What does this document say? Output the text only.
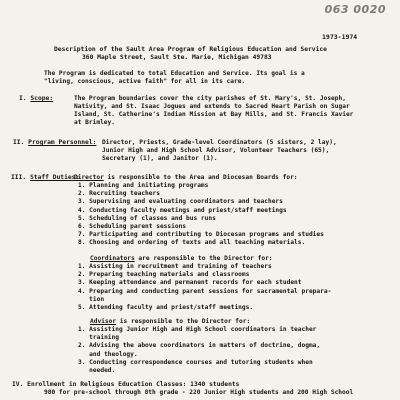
063 0020
1973-1974
Description of the Sault Area Program of Religious Education and Service
360 Maple Street, Sault Ste. Marie, Michigan 49783
The Program is dedicated to total Education and Service. Its goal is a
"living, conscious, active faith" for all in its care.
I. Scope:	The Program boundaries cover the city parishes of St. Mary's, St. Joseph,
Nativity, and St. Isaac Jogues and extends to Sacred Heart Parish on Sugar
Island, St. Catherine's Indian Mission at Bay Mills, and St. Francis Xavier
at Brimley.
II. Program Personnel: Director, Priests, Grade-level Coordinators (5 sisters, 2 lay),
Junior High and High School Advisor, Volunteer Teachers (65),
Secretary (1), and Janitor (1).
III. Staff Duties:
Director is responsible to the Area and Diocesan Boards for:
1. Planning and initiating programs
2. Recruiting teachers
3. Supervising and evaluating coordinators and teachers
4. Conducting faculty meetings and priest/staff meetings
5. Scheduling of classes and bus runs
6. Scheduling parent sessions
7. Participating and contributing to Diocesan programs and studies
8. Choosing and ordering of texts and all teaching materials.
Coordinators are responsible to the Director for:
1. Assisting in recruitment and training of teachers
2. Preparing teaching materials and classrooms
3. Keeping attendance and permanent records for each student
4. Preparing and conducting parent sessions for sacramental prepara-
tion
5. Attending faculty and priest/staff meetings.
Advisor is responsible to the Director for:
1. Assisting Junior High and High School coordinators in teacher
training
2. Advising the above coordinators in matters of doctrine, dogma,
and theology.
3. Conducting correspondence courses and tutoring students when
needed.
IV. Enrollment in Religious Education Classes: 1340 students
980 for pre-school through 8th grade - 220 Junior High students and 200 High School
